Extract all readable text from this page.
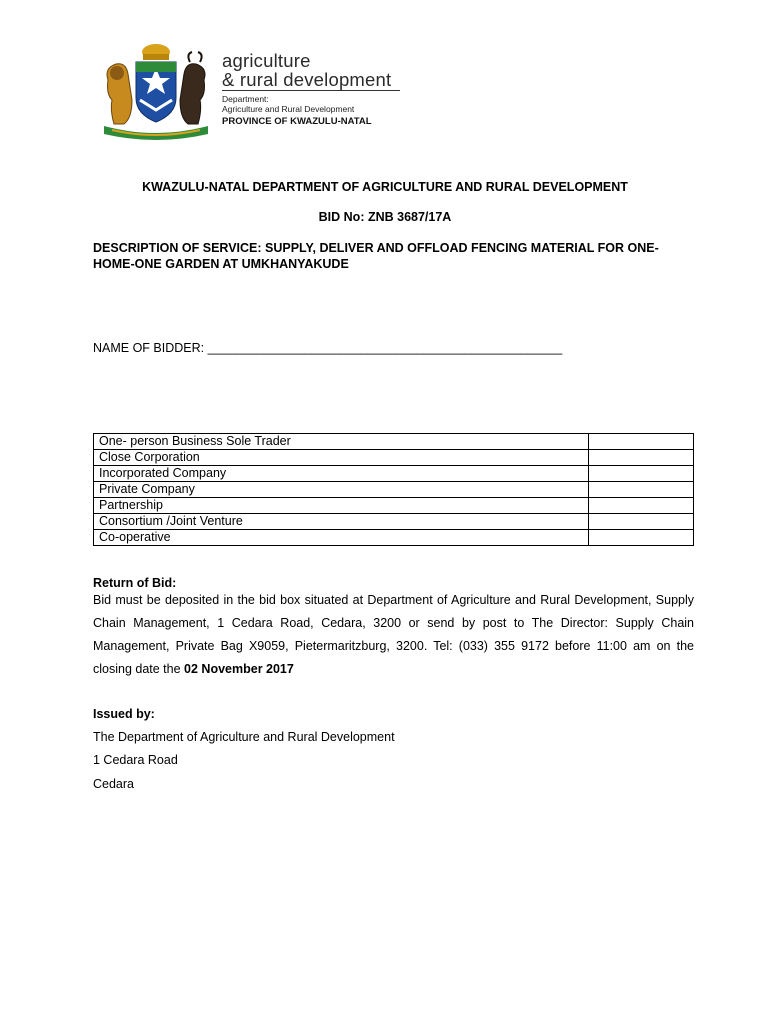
agriculture
& rural development
Department:
Agriculture and Rural Development
PROVINCE OF KWAZULU-NATAL
KWAZULU-NATAL DEPARTMENT OF AGRICULTURE AND RURAL DEVELOPMENT
BID No: ZNB 3687/17A
DESCRIPTION OF SERVICE: SUPPLY, DELIVER AND OFFLOAD FENCING MATERIAL FOR ONE-HOME-ONE GARDEN AT UMKHANYAKUDE
NAME OF BIDDER: ___________________________________________________
One- person Business Sole Trader	
Close Corporation	
Incorporated Company	
Private Company	
Partnership	
Consortium /Joint Venture	
Co-operative	
Return of Bid:
Bid must be deposited in the bid box situated at Department of Agriculture and Rural Development, Supply Chain Management, 1 Cedara Road, Cedara, 3200 or send by post to The Director: Supply Chain Management, Private Bag X9059, Pietermaritzburg, 3200. Tel: (033) 355 9172 before 11:00 am on the closing date the 02 November 2017
Issued by:
The Department of Agriculture and Rural Development
1 Cedara Road
Cedara
